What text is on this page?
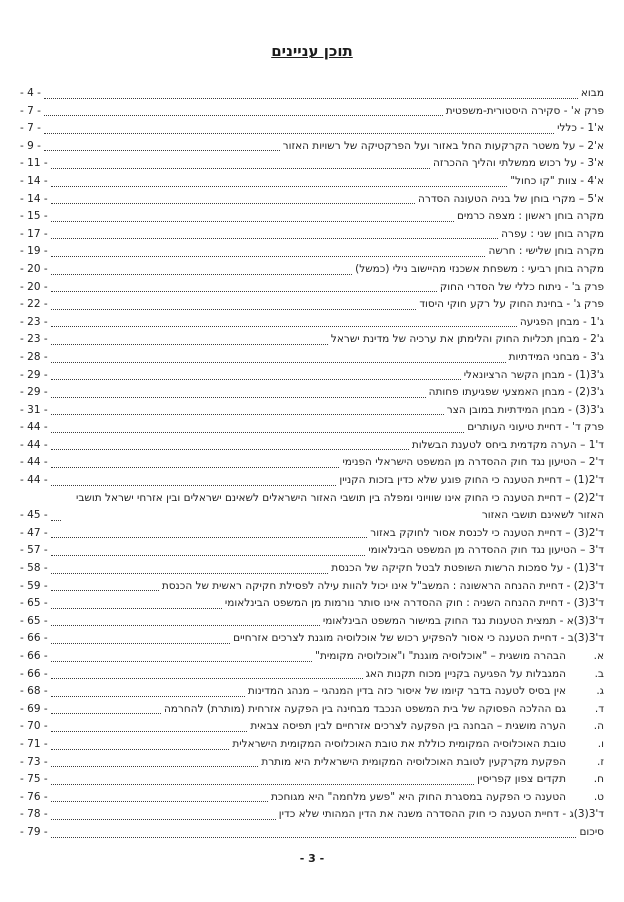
תוכן עניינים
מבוא
- 4 -
פרק א' - סקירה היסטורית-משפטית
- 7 -
א'1 - כללי
- 7 -
א'2 – על משטר הקרקעות החל באזור ועל הפרקטיקה של רשויות האזור
- 9 -
א'3 - על רכוש ממשלתי והליך ההכרזה
- 11 -
א'4 - צוות "קו כחול"
- 14 -
א'5 – מקרי בוחן של בניה הטעונה הסדרה
- 14 -
מקרה בוחן ראשון : מצפה כרמים
- 15 -
מקרה בוחן שני : עפרה
- 17 -
מקרה בוחן שלישי : חרשה
- 19 -
מקרה בוחן רביעי : משפחת אשכנזי מהיישוב נילי (כמשל)
- 20 -
פרק ב' - ניתוח כללי של הסדרי החוק
- 20 -
פרק ג' - בחינת החוק על רקע חוקי היסוד
- 22 -
ג'1 - מבחן הפגיעה
- 23 -
ג'2 - מבחן תכליות החוק והלימתן את ערכיה של מדינת ישראל
- 23 -
ג'3 - מבחני המידתיות
- 28 -
ג'3(1) - מבחן הקשר הרציונאלי
- 29 -
ג'3(2) - מבחן האמצעי שפגיעתו פחותה
- 29 -
ג'3(3) - מבחן המידתיות במובן הצר
- 31 -
פרק ד' - דחיית טיעוני העותרים
- 44 -
ד'1 – הערה מקדמית ביחס לטענת הבשלות
- 44 -
ד'2 – הטיעון נגד חוק ההסדרה מן המשפט הישראלי הפנימי
- 44 -
ד'2(1) – דחיית הטענה כי החוק פוגע שלא כדין בזכות הקניין
- 44 -
ד'2(2) – דחיית הטענה כי החוק אינו שוויוני ומפלה בין תושבי האזור הישראלים לשאינם ישראלים ובין אזרחי ישראל תושבי האזור לשאינם תושבי האזור
- 45 -
ד'2(3) – דחיית הטענה כי לכנסת אסור לחוקק באזור
- 47 -
ד'3 – הטיעון נגד חוק ההסדרה מן המשפט הבינלאומי
- 57 -
ד'3(1) - על סמכות הרשות השופטת לבטל חקיקה של הכנסת
- 58 -
ד'3(2) - דחיית ההנחה הראשונה : המשב"ל אינו יכול להוות עילה לפסילת חקיקה ראשית של הכנסת
- 59 -
ד'3(3) - דחיית ההנחה השניה : חוק ההסדרה אינו סותר נורמות מן המשפט הבינלאומי
- 65 -
ד'3(3)א - תמצית הטענות נגד החוק במישור המשפט הבינלאומי
- 65 -
ד'3(3)ב - דחיית הטענה כי אסור להפקיע רכוש של אוכלוסיה מוגנת לצרכים אזרחיים
- 66 -
א.
הבהרה מושגית – "אוכלוסיה מוגנת" ו"אוכלוסיה מקומית"
- 66 -
ב.
המגבלות על הפגיעה בקניין מכוח תקנות האג
- 66 -
ג.
אין בסיס לטענה בדבר קיומו של איסור כזה בדין המנהגי – מנהג המדינות
- 68 -
ד.
גם ההלכה הפסוקה של בית המשפט הנכבד מבחינה בין הפקעה אזרחית (מותרת) להחרמה
- 69 -
ה.
הערה מושגית – הבחנה בין הפקעה לצרכים אזרחיים לבין תפיסה צבאית
- 70 -
ו.
טובת האוכלוסיה המקומית כוללת את טובת האוכלוסיה המקומית הישראלית
- 71 -
ז.
הפקעת מקרקעין לטובת האוכלוסיה המקומית הישראלית היא מותרת
- 73 -
ח.
תקדים צפון קפריסין
- 75 -
ט.
הטענה כי הפקעה במסגרת החוק היא "פשע מלחמה" היא מגוחכת
- 76 -
ד'3(3)ג - דחיית הטענה כי חוק ההסדרה משנה את הדין המהותי שלא כדין
- 78 -
סיכום
- 79 -
- 3 -
